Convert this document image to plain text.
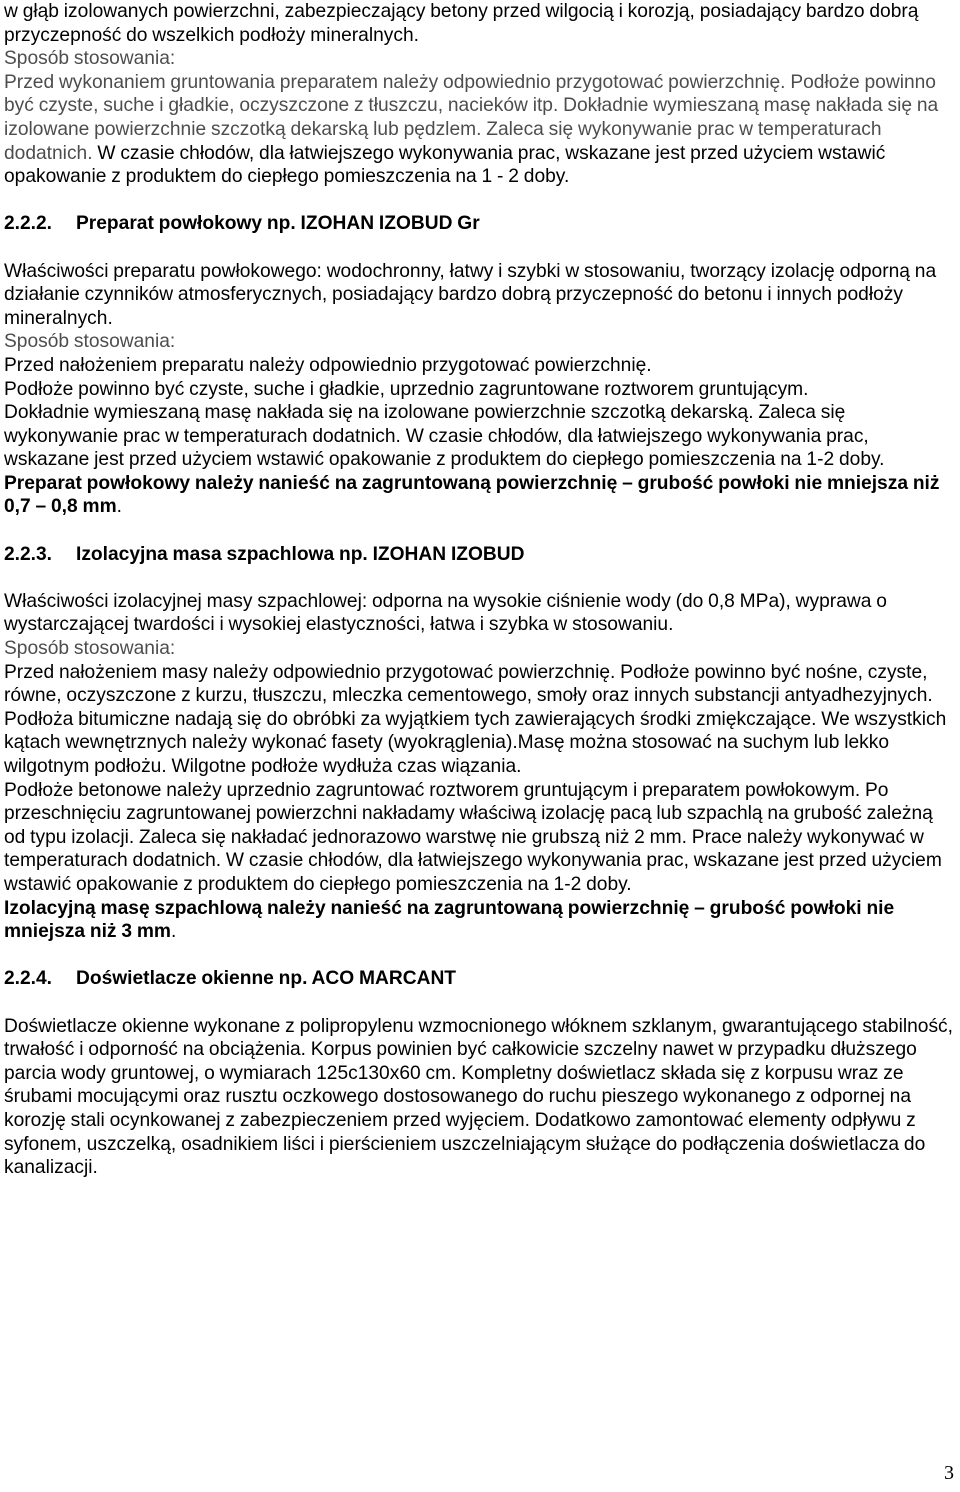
w głąb izolowanych powierzchni, zabezpieczający betony przed wilgocią i korozją, posiadający bardzo dobrą przyczepność do wszelkich podłoży mineralnych.

Sposób stosowania:

Przed wykonaniem gruntowania preparatem należy odpowiednio przygotować powierzchnię. Podłoże powinno być czyste, suche i gładkie, oczyszczone z tłuszczu, nacieków itp. Dokładnie wymieszaną masę nakłada się na izolowane powierzchnie szczotką dekarską lub pędzlem. Zaleca się wykonywanie prac w temperaturach dodatnich. W czasie chłodów, dla łatwiejszego wykonywania prac, wskazane jest przed użyciem wstawić opakowanie z produktem do ciepłego pomieszczenia na 1 - 2 doby.

2.2.2. Preparat powłokowy np. IZOHAN IZOBUD Gr

Właściwości preparatu powłokowego: wodochronny, łatwy i szybki w stosowaniu, tworzący izolację odporną na działanie czynników atmosferycznych, posiadający bardzo dobrą przyczepność do betonu i innych podłoży mineralnych.

Sposób stosowania:

Przed nałożeniem preparatu należy odpowiednio przygotować powierzchnię.

Podłoże powinno być czyste, suche i gładkie, uprzednio zagruntowane roztworem gruntującym.

Dokładnie wymieszaną masę nakłada się na izolowane powierzchnie szczotką dekarską. Zaleca się wykonywanie prac w temperaturach dodatnich. W czasie chłodów, dla łatwiejszego wykonywania prac, wskazane jest przed użyciem wstawić opakowanie z produktem do ciepłego pomieszczenia na 1-2 doby.

Preparat powłokowy należy nanieść na zagruntowaną powierzchnię – grubość powłoki nie mniejsza niż 0,7 – 0,8 mm.

2.2.3. Izolacyjna masa szpachlowa np. IZOHAN IZOBUD

Właściwości izolacyjnej masy szpachlowej: odporna na wysokie ciśnienie wody (do 0,8 MPa), wyprawa o wystarczającej twardości i wysokiej elastyczności, łatwa i szybka w stosowaniu.

Sposób stosowania:

Przed nałożeniem masy należy odpowiednio przygotować powierzchnię. Podłoże powinno być nośne, czyste, równe, oczyszczone z kurzu, tłuszczu, mleczka cementowego, smoły oraz innych substancji antyadhezyjnych. Podłoża bitumiczne nadają się do obróbki za wyjątkiem tych zawierających środki zmiękczające. We wszystkich kątach wewnętrznych należy wykonać fasety (wyokrąglenia).Masę można stosować na suchym lub lekko wilgotnym podłożu. Wilgotne podłoże wydłuża czas wiązania.

Podłoże betonowe należy uprzednio zagruntować roztworem gruntującym i preparatem powłokowym. Po przeschnięciu zagruntowanej powierzchni nakładamy właściwą izolację pacą lub szpachlą na grubość zależną od typu izolacji. Zaleca się nakładać jednorazowo warstwę nie grubszą niż 2 mm. Prace należy wykonywać w temperaturach dodatnich. W czasie chłodów, dla łatwiejszego wykonywania prac, wskazane jest przed użyciem wstawić opakowanie z produktem do ciepłego pomieszczenia na 1-2 doby.

Izolacyjną masę szpachlową należy nanieść na zagruntowaną powierzchnię – grubość powłoki nie mniejsza niż 3 mm.

2.2.4. Doświetlacze okienne np. ACO MARCANT

Doświetlacze okienne wykonane z polipropylenu wzmocnionego włóknem szklanym, gwarantującego stabilność, trwałość i odporność na obciążenia. Korpus powinien być całkowicie szczelny nawet w przypadku dłuższego parcia wody gruntowej, o wymiarach 125c130x60 cm. Kompletny doświetlacz składa się z korpusu wraz ze śrubami mocującymi oraz rusztu oczkowego dostosowanego do ruchu pieszego wykonanego z odpornej na korozję stali ocynkowanej z zabezpieczeniem przed wyjęciem. Dodatkowo zamontować elementy odpływu z syfonem, uszczelką, osadnikiem liści i pierścieniem uszczelniającym służące do podłączenia doświetlacza do kanalizacji.

3
